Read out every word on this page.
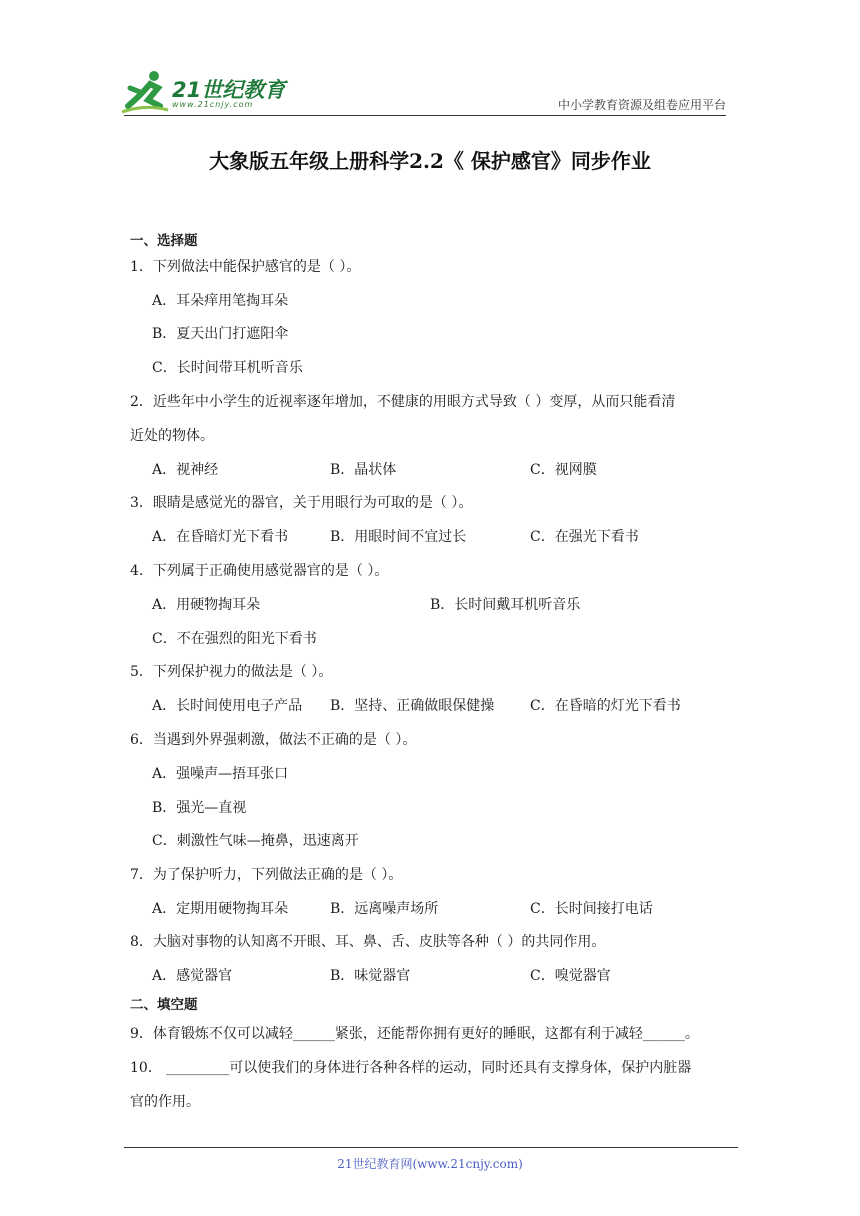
21世纪教育
www.21cnjy.com	中小学教育资源及组卷应用平台
大象版五年级上册科学2.2《 保护感官》同步作业
一、选择题
1．下列做法中能保护感官的是（ ）。
A．耳朵痒用笔掏耳朵
B．夏天出门打遮阳伞
C．长时间带耳机听音乐
2．近些年中小学生的近视率逐年增加，不健康的用眼方式导致（ ）变厚，从而只能看清
近处的物体。
A．视神经	B．晶状体	C．视网膜
3．眼睛是感觉光的器官，关于用眼行为可取的是（ ）。
A．在昏暗灯光下看书	B．用眼时间不宜过长	C．在强光下看书
4．下列属于正确使用感觉器官的是（ ）。
A．用硬物掏耳朵	B．长时间戴耳机听音乐
C．不在强烈的阳光下看书
5．下列保护视力的做法是（ ）。
A．长时间使用电子产品 B．坚持、正确做眼保健操	C．在昏暗的灯光下看书
6．当遇到外界强刺激，做法不正确的是（ ）。
A．强噪声—捂耳张口
B．强光—直视
C．刺激性气味—掩鼻，迅速离开
7．为了保护听力，下列做法正确的是（ ）。
A．定期用硬物掏耳朵	B．远离噪声场所	C．长时间接打电话
8．大脑对事物的认知离不开眼、耳、鼻、舌、皮肤等各种（ ）的共同作用。
A．感觉器官	B．味觉器官	C．嗅觉器官
二、填空题
9．体育锻炼不仅可以减轻______紧张，还能帮你拥有更好的睡眠，这都有利于减轻______。
10． _________可以使我们的身体进行各种各样的运动，同时还具有支撑身体，保护内脏器
官的作用。
21世纪教育网(www.21cnjy.com)
